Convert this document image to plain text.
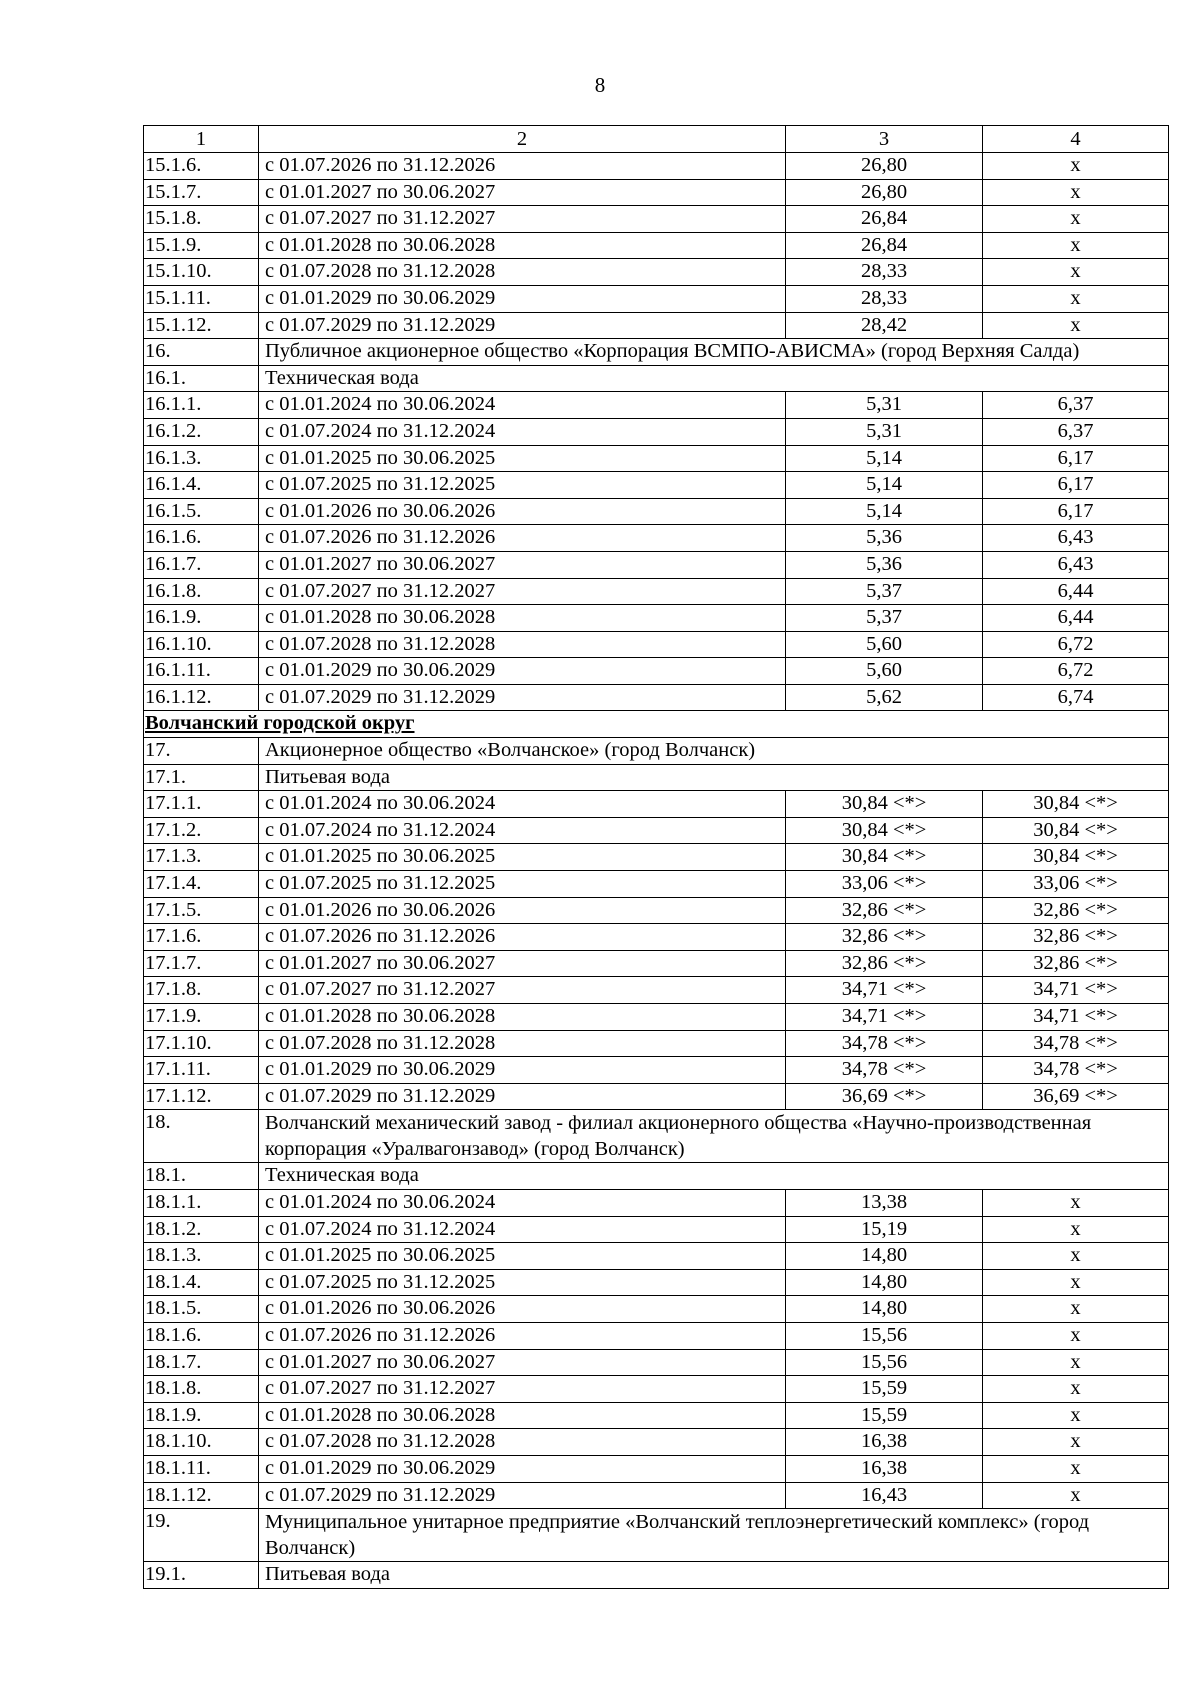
8
1	2	3	4
15.1.6.	с 01.07.2026 по 31.12.2026	26,80	х
15.1.7.	с 01.01.2027 по 30.06.2027	26,80	х
15.1.8.	с 01.07.2027 по 31.12.2027	26,84	х
15.1.9.	с 01.01.2028 по 30.06.2028	26,84	х
15.1.10.	с 01.07.2028 по 31.12.2028	28,33	х
15.1.11.	с 01.01.2029 по 30.06.2029	28,33	х
15.1.12.	с 01.07.2029 по 31.12.2029	28,42	х
16.	Публичное акционерное общество «Корпорация ВСМПО-АВИСМА» (город Верхняя Салда)		
16.1.	Техническая вода		
16.1.1.	с 01.01.2024 по 30.06.2024	5,31	6,37
16.1.2.	с 01.07.2024 по 31.12.2024	5,31	6,37
16.1.3.	с 01.01.2025 по 30.06.2025	5,14	6,17
16.1.4.	с 01.07.2025 по 31.12.2025	5,14	6,17
16.1.5.	с 01.01.2026 по 30.06.2026	5,14	6,17
16.1.6.	с 01.07.2026 по 31.12.2026	5,36	6,43
16.1.7.	с 01.01.2027 по 30.06.2027	5,36	6,43
16.1.8.	с 01.07.2027 по 31.12.2027	5,37	6,44
16.1.9.	с 01.01.2028 по 30.06.2028	5,37	6,44
16.1.10.	с 01.07.2028 по 31.12.2028	5,60	6,72
16.1.11.	с 01.01.2029 по 30.06.2029	5,60	6,72
16.1.12.	с 01.07.2029 по 31.12.2029	5,62	6,74
Волчанский городской округ			
17.	Акционерное общество «Волчанское» (город Волчанск)		
17.1.	Питьевая вода		
17.1.1.	с 01.01.2024 по 30.06.2024	30,84 <*>	30,84 <*>
17.1.2.	с 01.07.2024 по 31.12.2024	30,84 <*>	30,84 <*>
17.1.3.	с 01.01.2025 по 30.06.2025	30,84 <*>	30,84 <*>
17.1.4.	с 01.07.2025 по 31.12.2025	33,06 <*>	33,06 <*>
17.1.5.	с 01.01.2026 по 30.06.2026	32,86 <*>	32,86 <*>
17.1.6.	с 01.07.2026 по 31.12.2026	32,86 <*>	32,86 <*>
17.1.7.	с 01.01.2027 по 30.06.2027	32,86 <*>	32,86 <*>
17.1.8.	с 01.07.2027 по 31.12.2027	34,71 <*>	34,71 <*>
17.1.9.	с 01.01.2028 по 30.06.2028	34,71 <*>	34,71 <*>
17.1.10.	с 01.07.2028 по 31.12.2028	34,78 <*>	34,78 <*>
17.1.11.	с 01.01.2029 по 30.06.2029	34,78 <*>	34,78 <*>
17.1.12.	с 01.07.2029 по 31.12.2029	36,69 <*>	36,69 <*>
18.	Волчанский механический завод - филиал акционерного общества «Научно-производственная корпорация «Уралвагонзавод» (город Волчанск)		
18.1.	Техническая вода		
18.1.1.	с 01.01.2024 по 30.06.2024	13,38	х
18.1.2.	с 01.07.2024 по 31.12.2024	15,19	х
18.1.3.	с 01.01.2025 по 30.06.2025	14,80	х
18.1.4.	с 01.07.2025 по 31.12.2025	14,80	х
18.1.5.	с 01.01.2026 по 30.06.2026	14,80	х
18.1.6.	с 01.07.2026 по 31.12.2026	15,56	х
18.1.7.	с 01.01.2027 по 30.06.2027	15,56	х
18.1.8.	с 01.07.2027 по 31.12.2027	15,59	х
18.1.9.	с 01.01.2028 по 30.06.2028	15,59	х
18.1.10.	с 01.07.2028 по 31.12.2028	16,38	х
18.1.11.	с 01.01.2029 по 30.06.2029	16,38	х
18.1.12.	с 01.07.2029 по 31.12.2029	16,43	х
19.	Муниципальное унитарное предприятие «Волчанский теплоэнергетический комплекс» (город Волчанск)		
19.1.	Питьевая вода		
